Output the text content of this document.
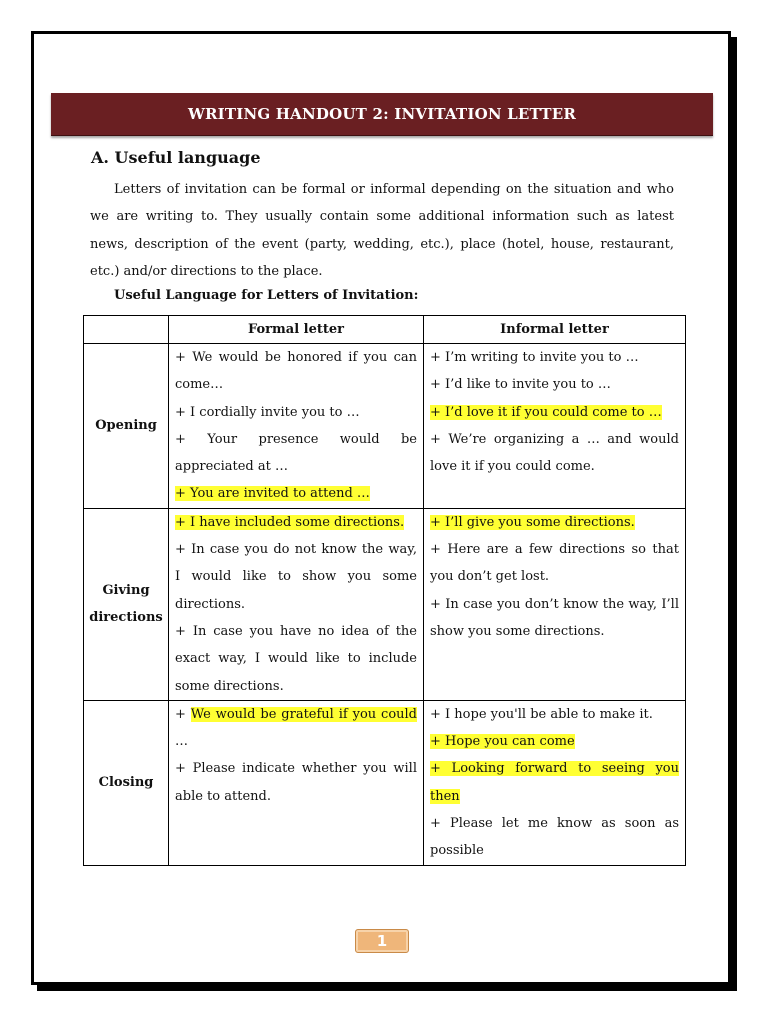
WRITING HANDOUT 2: INVITATION LETTER
A. Useful language

Letters of invitation can be formal or informal depending on the situation and who we are writing to. They usually contain some additional information such as latest news, description of the event (party, wedding, etc.), place (hotel, house, restaurant, etc.) and/or directions to the place.

Useful Language for Letters of Invitation:
	Formal letter	Informal letter
Opening	+ We would be honored if you can come…
+ I cordially invite you to …
+ Your presence would be appreciated at …
+ You are invited to attend …	+ I’m writing to invite you to …
+ I’d like to invite you to …
+ I’d love it if you could come to …
+ We’re organizing a … and would love it if you could come.

Giving directions	+ I have included some directions.
+ In case you do not know the way, I would like to show you some directions.
+ In case you have no idea of the exact way, I would like to include some directions.	+ I’ll give you some directions.
+ Here are a few directions so that you don’t get lost.
+ In case you don’t know the way, I’ll show you some directions.

Closing	+ We would be grateful if you could …
+ Please indicate whether you will able to attend.	+ I hope you'll be able to make it.
+ Hope you can come
+ Looking forward to seeing you then
+ Please let me know as soon as possible
1
